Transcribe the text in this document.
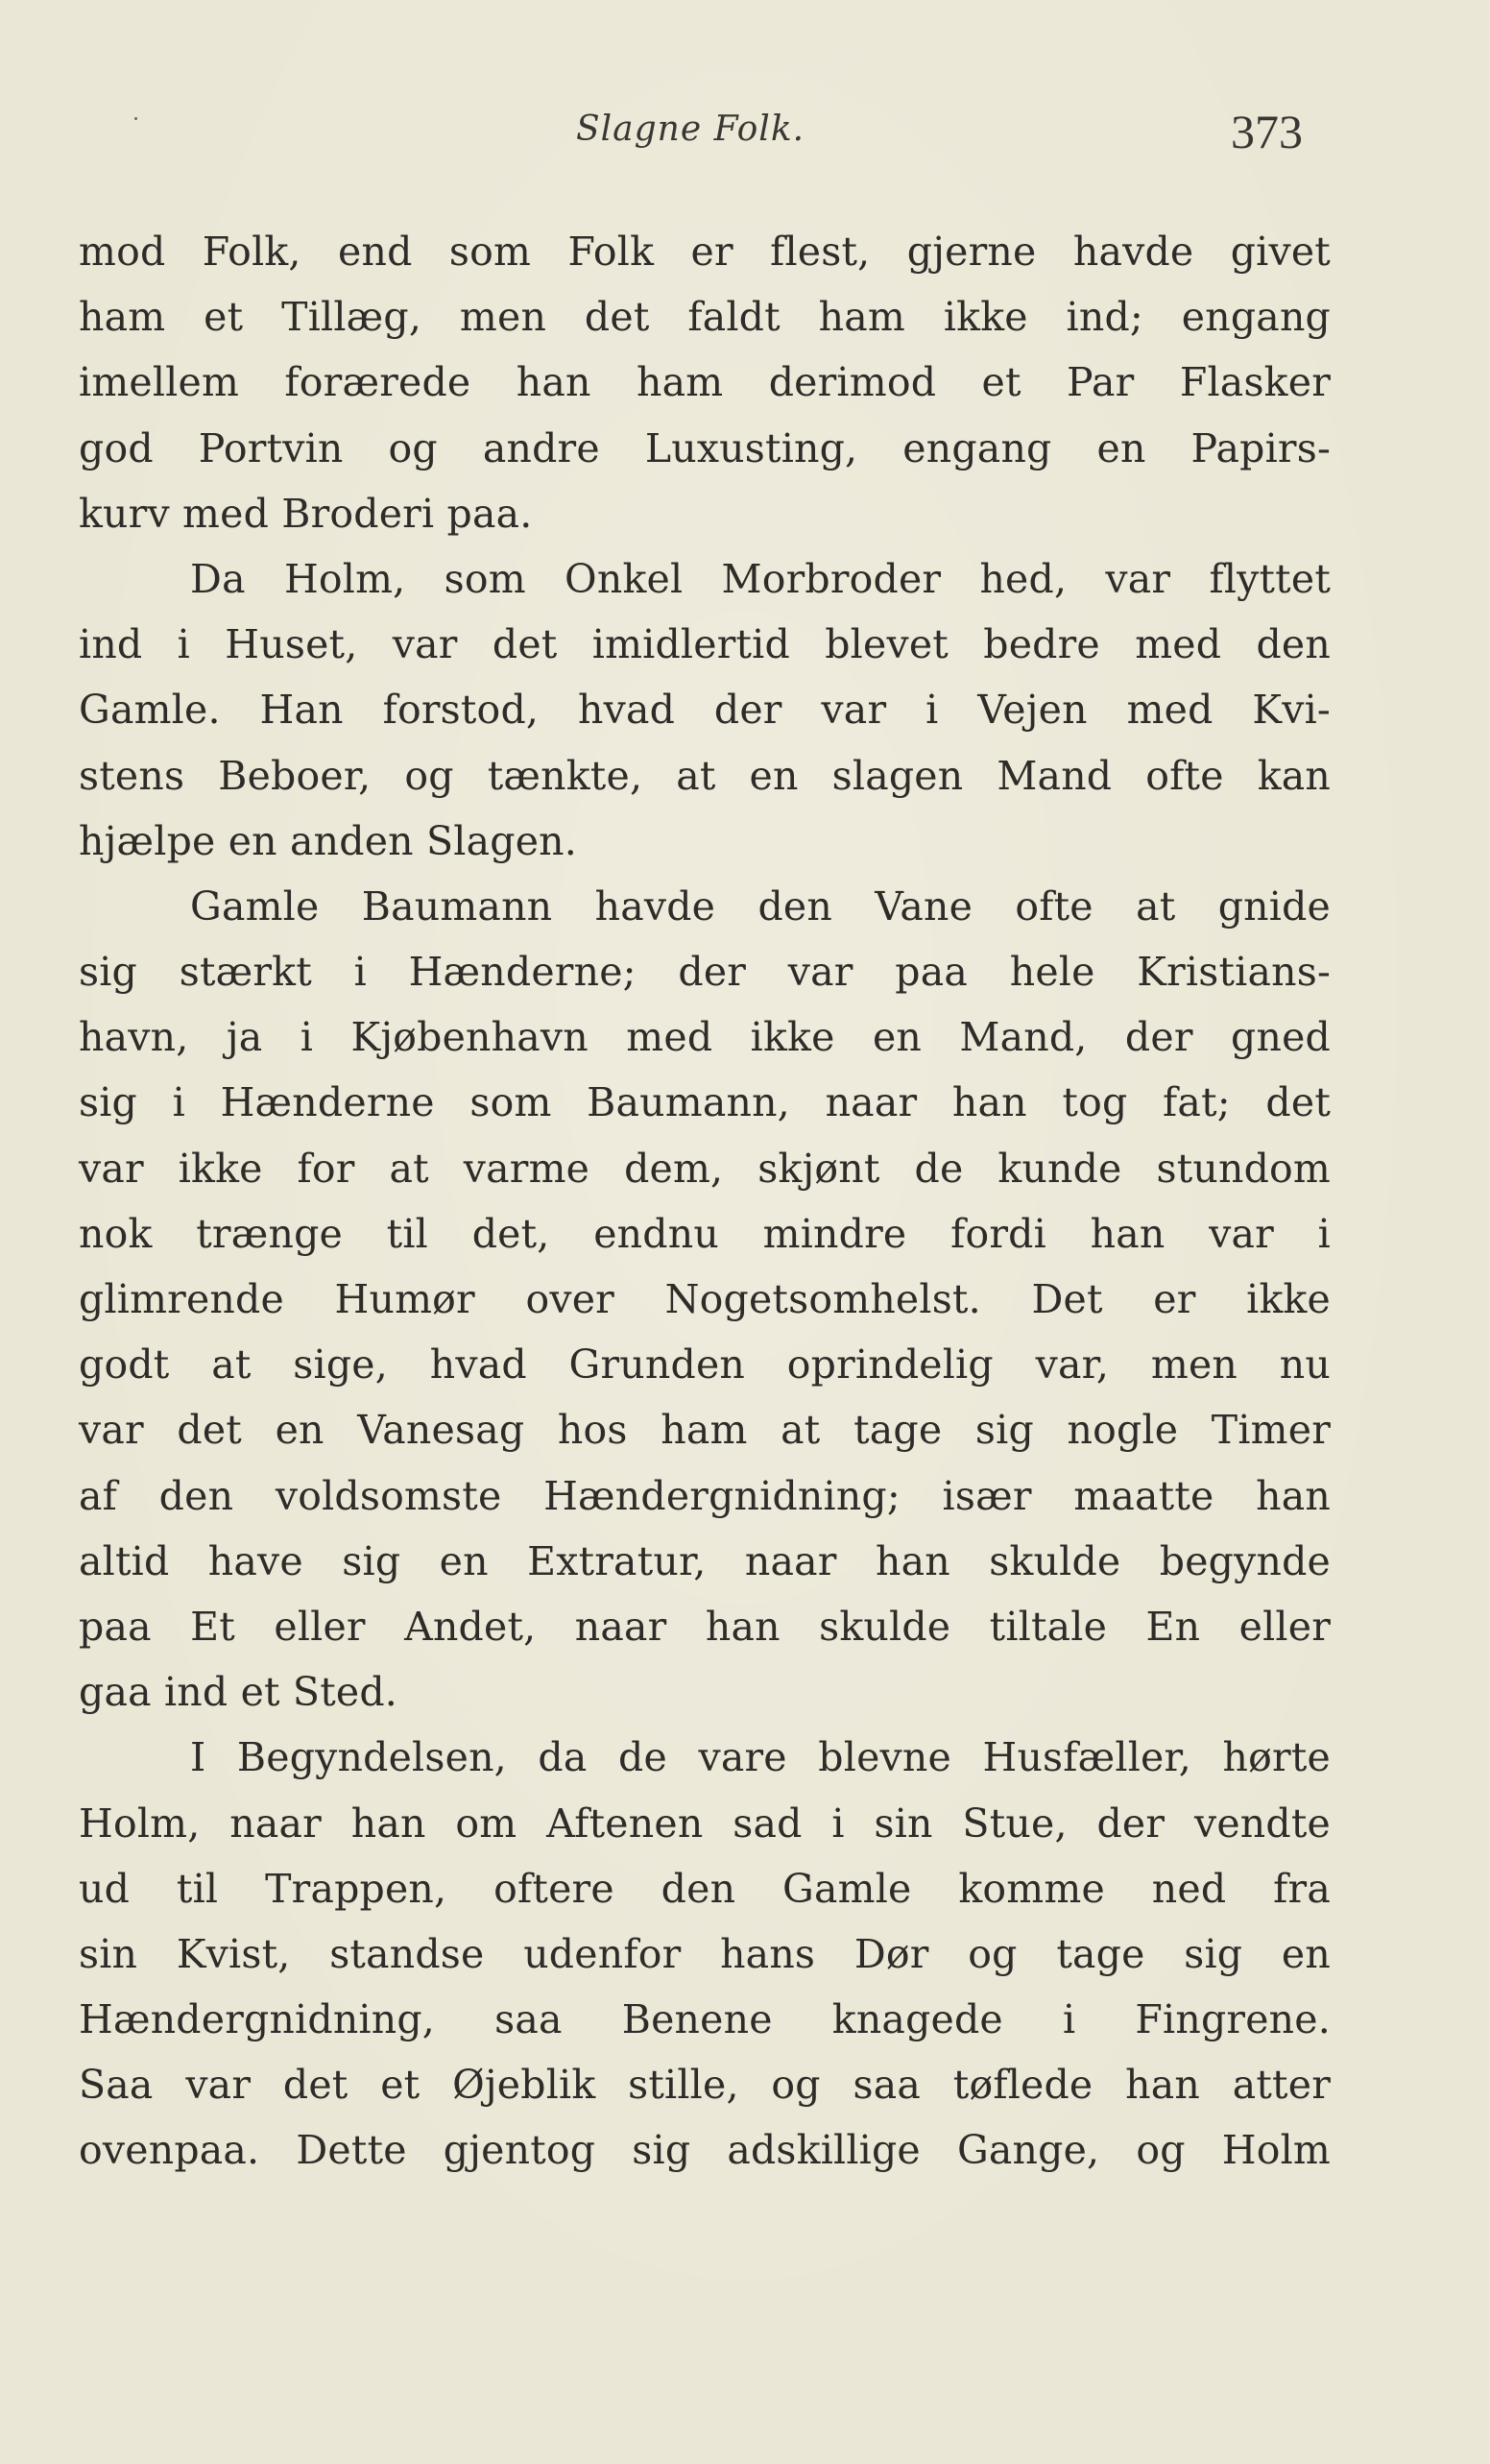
Slagne Folk.	373
mod Folk, end som Folk er flest, gjerne havde givet
ham et Tillæg, men det faldt ham ikke ind; engang
imellem forærede han ham derimod et Par Flasker
god Portvin og andre Luxusting, engang en Papirs-
kurv med Broderi paa.
Da Holm, som Onkel Morbroder hed, var flyttet
ind i Huset, var det imidlertid blevet bedre med den
Gamle. Han forstod, hvad der var i Vejen med Kvi-
stens Beboer, og tænkte, at en slagen Mand ofte kan
hjælpe en anden Slagen.
Gamle Baumann havde den Vane ofte at gnide
sig stærkt i Hænderne; der var paa hele Kristians-
havn, ja i Kjøbenhavn med ikke en Mand, der gned
sig i Hænderne som Baumann, naar han tog fat; det
var ikke for at varme dem, skjønt de kunde stundom
nok trænge til det, endnu mindre fordi han var i
glimrende Humør over Nogetsomhelst. Det er ikke
godt at sige, hvad Grunden oprindelig var, men nu
var det en Vanesag hos ham at tage sig nogle Timer
af den voldsomste Hændergnidning; især maatte han
altid have sig en Extratur, naar han skulde begynde
paa Et eller Andet, naar han skulde tiltale En eller
gaa ind et Sted.
I Begyndelsen, da de vare blevne Husfæller, hørte
Holm, naar han om Aftenen sad i sin Stue, der vendte
ud til Trappen, oftere den Gamle komme ned fra
sin Kvist, standse udenfor hans Dør og tage sig en
Hændergnidning, saa Benene knagede i Fingrene.
Saa var det et Øjeblik stille, og saa tøflede han atter
ovenpaa. Dette gjentog sig adskillige Gange, og Holm
